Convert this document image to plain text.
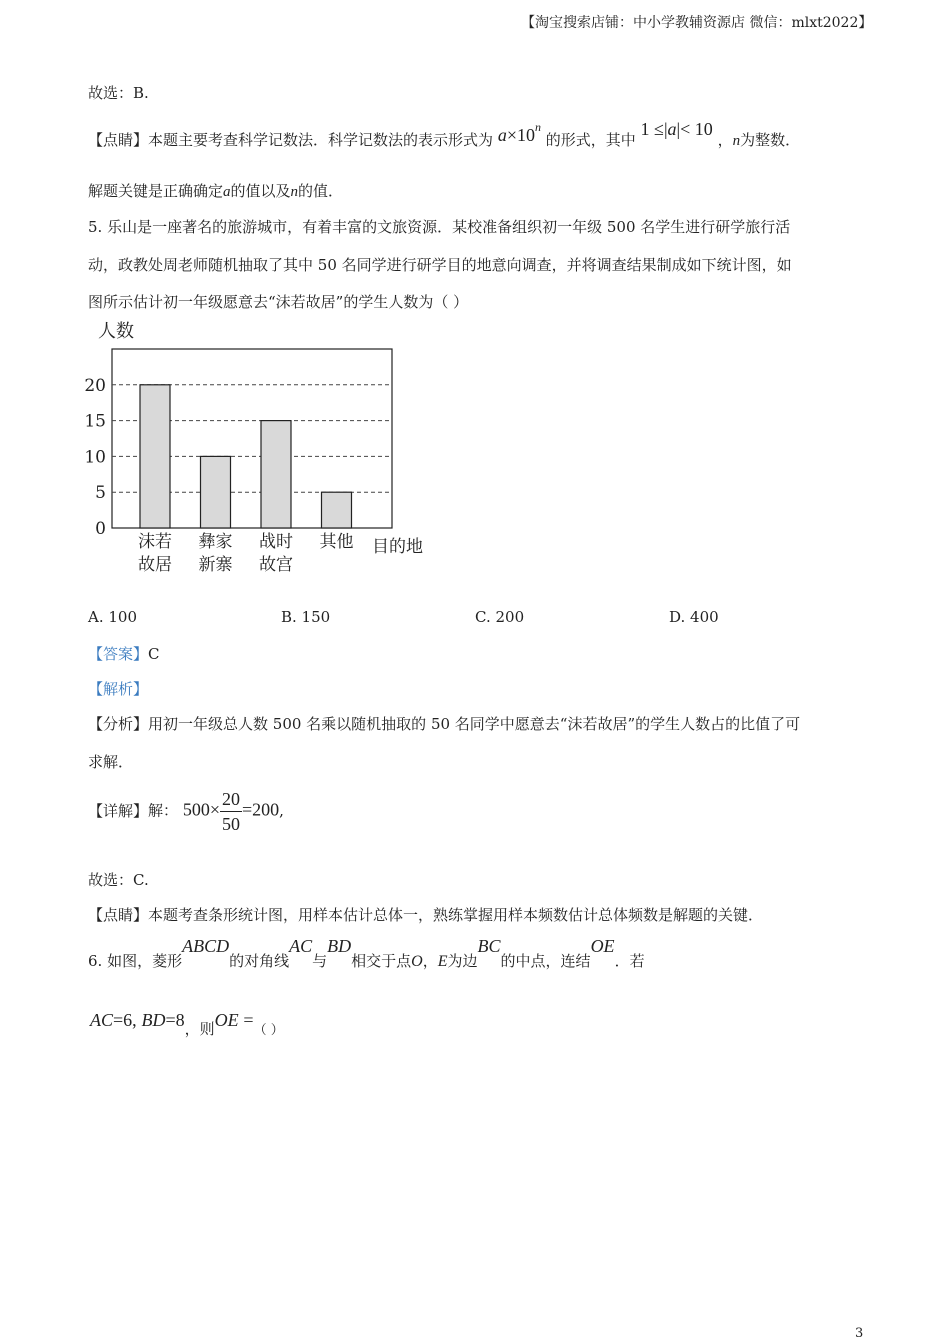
【淘宝搜索店铺：中小学教辅资源店 微信：mlxt2022】
故选：B.
【点睛】本题主要考查科学记数法．科学记数法的表示形式为 $a\times 10^n$ 的形式，其中 1 ≤|a|< 10 ，n为整数．
解题关键是正确确定a的值以及n的值．
5. 乐山是一座著名的旅游城市，有着丰富的文旅资源．某校准备组织初一年级 500 名学生进行研学旅行活
动，政教处周老师随机抽取了其中 50 名同学进行研学目的地意向调查，并将调查结果制成如下统计图，如
图所示估计初一年级愿意去“沫若故居”的学生人数为（ ）
人数
0
5
10
15
20
沫若
故居
彝家
新寨
战时
故宫
其他 目的地
A. 100	B. 150	C. 200	D. 400
【答案】C
【解析】
【分析】用初一年级总人数 500 名乘以随机抽取的 50 名同学中愿意去“沫若故居”的学生人数占的比值了可
求解．
【详解】解： $500\times \frac{20}{50} =200$,
故选：C.
【点睛】本题考查条形统计图，用样本估计总体一，熟练掌握用样本频数估计总体频数是解题的关键．
6. 如图，菱形ABCD的对角线AC与BD相交于点O，E为边BC的中点，连结OE．若
AC=6, BD=8，则OE =（ ）
3
